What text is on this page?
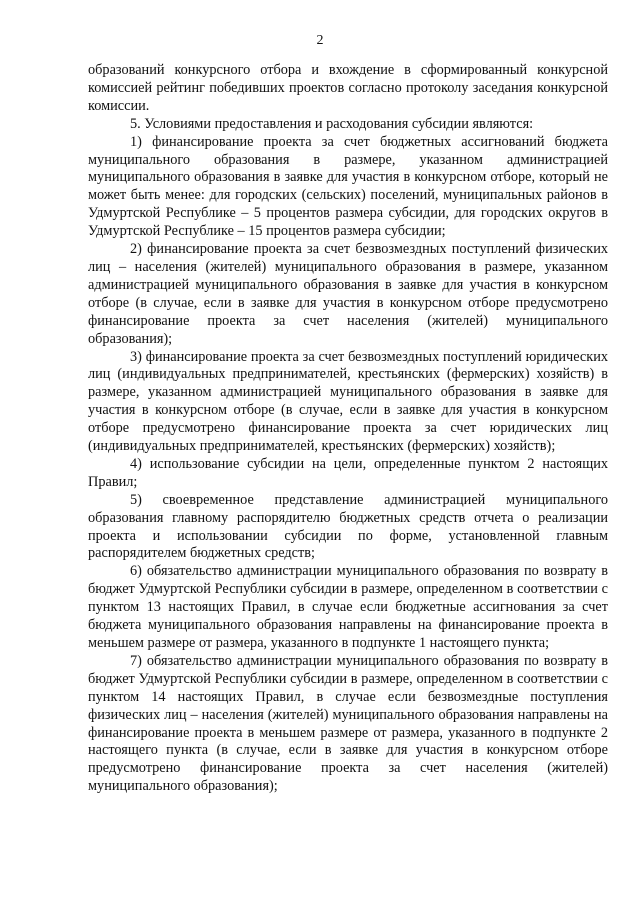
2

образований конкурсного отбора и вхождение в сформированный конкурсной комиссией рейтинг победивших проектов согласно протоколу заседания конкурсной комиссии.

5. Условиями предоставления и расходования субсидии являются:

1) финансирование проекта за счет бюджетных ассигнований бюджета муниципального образования в размере, указанном администрацией муниципального образования в заявке для участия в конкурсном отборе, который не может быть менее: для городских (сельских) поселений, муниципальных районов в Удмуртской Республике – 5 процентов размера субсидии, для городских округов в Удмуртской Республике – 15 процентов размера субсидии;

2) финансирование проекта за счет безвозмездных поступлений физических лиц – населения (жителей) муниципального образования в размере, указанном администрацией муниципального образования в заявке для участия в конкурсном отборе (в случае, если в заявке для участия в конкурсном отборе предусмотрено финансирование проекта за счет населения (жителей) муниципального образования);

3) финансирование проекта за счет безвозмездных поступлений юридических лиц (индивидуальных предпринимателей, крестьянских (фермерских) хозяйств) в размере, указанном администрацией муниципального образования в заявке для участия в конкурсном отборе (в случае, если в заявке для участия в конкурсном отборе предусмотрено финансирование проекта за счет юридических лиц (индивидуальных предпринимателей, крестьянских (фермерских) хозяйств);

4) использование субсидии на цели, определенные пунктом 2 настоящих Правил;

5) своевременное представление администрацией муниципального образования главному распорядителю бюджетных средств отчета о реализации проекта и использовании субсидии по форме, установленной главным распорядителем бюджетных средств;

6) обязательство администрации муниципального образования по возврату в бюджет Удмуртской Республики субсидии в размере, определенном в соответствии с пунктом 13 настоящих Правил, в случае если бюджетные ассигнования за счет бюджета муниципального образования направлены на финансирование проекта в меньшем размере от размера, указанного в подпункте 1 настоящего пункта;

7) обязательство администрации муниципального образования по возврату в бюджет Удмуртской Республики субсидии в размере, определенном в соответствии с пунктом 14 настоящих Правил, в случае если безвозмездные поступления физических лиц – населения (жителей) муниципального образования направлены на финансирование проекта в меньшем размере от размера, указанного в подпункте 2 настоящего пункта (в случае, если в заявке для участия в конкурсном отборе предусмотрено финансирование проекта за счет населения (жителей) муниципального образования);
